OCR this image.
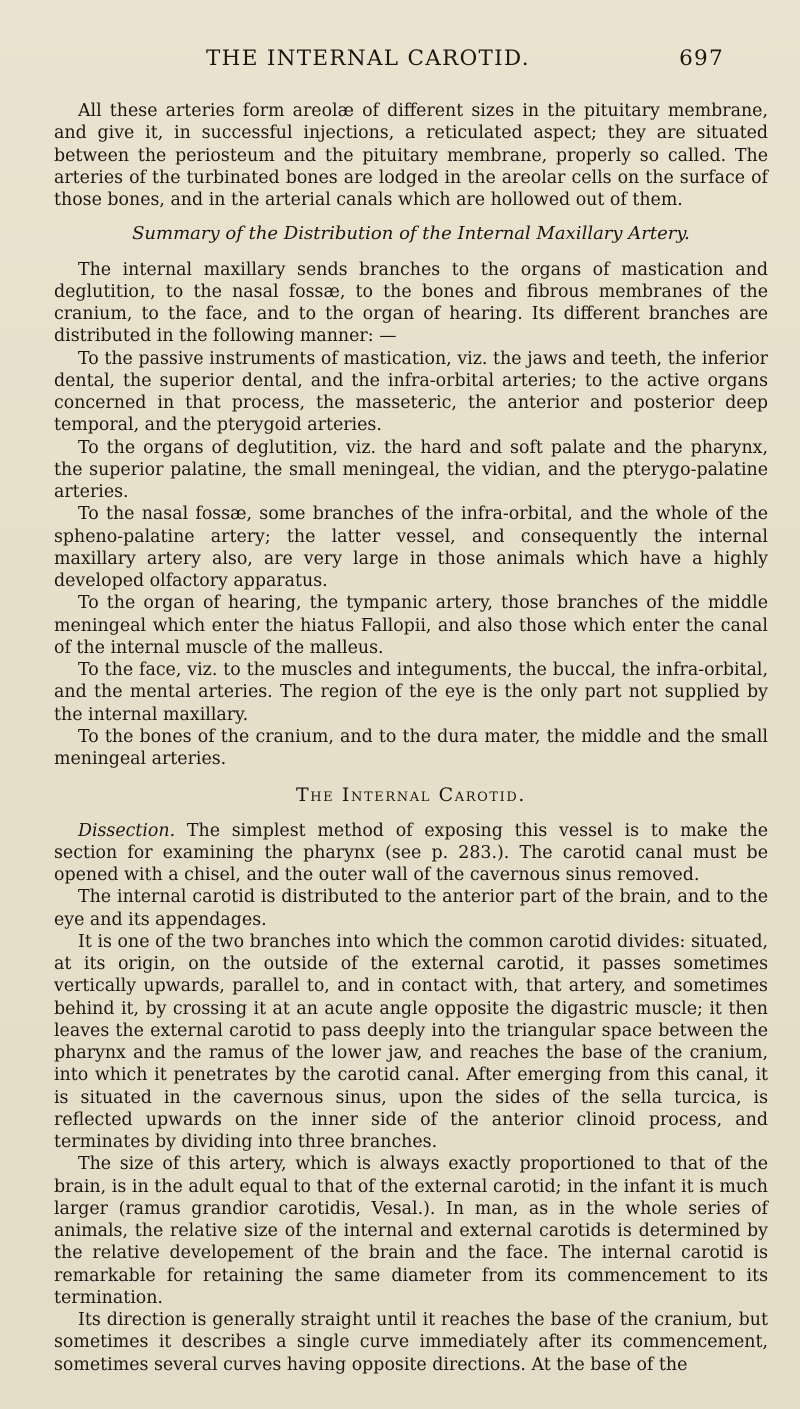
THE INTERNAL CAROTID.	697

All these arteries form areolæ of different sizes in the pituitary membrane, and give it, in successful injections, a reticulated aspect; they are situated between the periosteum and the pituitary membrane, properly so called. The arteries of the turbinated bones are lodged in the areolar cells on the surface of those bones, and in the arterial canals which are hollowed out of them.

Summary of the Distribution of the Internal Maxillary Artery.

The internal maxillary sends branches to the organs of mastication and deglutition, to the nasal fossæ, to the bones and fibrous membranes of the cranium, to the face, and to the organ of hearing. Its different branches are distributed in the following manner: —

To the passive instruments of mastication, viz. the jaws and teeth, the inferior dental, the superior dental, and the infra-orbital arteries; to the active organs concerned in that process, the masseteric, the anterior and posterior deep temporal, and the pterygoid arteries.

To the organs of deglutition, viz. the hard and soft palate and the pharynx, the superior palatine, the small meningeal, the vidian, and the pterygo-palatine arteries.

To the nasal fossæ, some branches of the infra-orbital, and the whole of the spheno-palatine artery; the latter vessel, and consequently the internal maxillary artery also, are very large in those animals which have a highly developed olfactory apparatus.

To the organ of hearing, the tympanic artery, those branches of the middle meningeal which enter the hiatus Fallopii, and also those which enter the canal of the internal muscle of the malleus.

To the face, viz. to the muscles and integuments, the buccal, the infra-orbital, and the mental arteries. The region of the eye is the only part not supplied by the internal maxillary.

To the bones of the cranium, and to the dura mater, the middle and the small meningeal arteries.

The Internal Carotid.

Dissection. The simplest method of exposing this vessel is to make the section for examining the pharynx (see p. 283.). The carotid canal must be opened with a chisel, and the outer wall of the cavernous sinus removed.

The internal carotid is distributed to the anterior part of the brain, and to the eye and its appendages.

It is one of the two branches into which the common carotid divides: situated, at its origin, on the outside of the external carotid, it passes sometimes vertically upwards, parallel to, and in contact with, that artery, and sometimes behind it, by crossing it at an acute angle opposite the digastric muscle; it then leaves the external carotid to pass deeply into the triangular space between the pharynx and the ramus of the lower jaw, and reaches the base of the cranium, into which it penetrates by the carotid canal. After emerging from this canal, it is situated in the cavernous sinus, upon the sides of the sella turcica, is reflected upwards on the inner side of the anterior clinoid process, and terminates by dividing into three branches.

The size of this artery, which is always exactly proportioned to that of the brain, is in the adult equal to that of the external carotid; in the infant it is much larger (ramus grandior carotidis, Vesal.). In man, as in the whole series of animals, the relative size of the internal and external carotids is determined by the relative developement of the brain and the face. The internal carotid is remarkable for retaining the same diameter from its commencement to its termination.

Its direction is generally straight until it reaches the base of the cranium, but sometimes it describes a single curve immediately after its commencement, sometimes several curves having opposite directions. At the base of the
